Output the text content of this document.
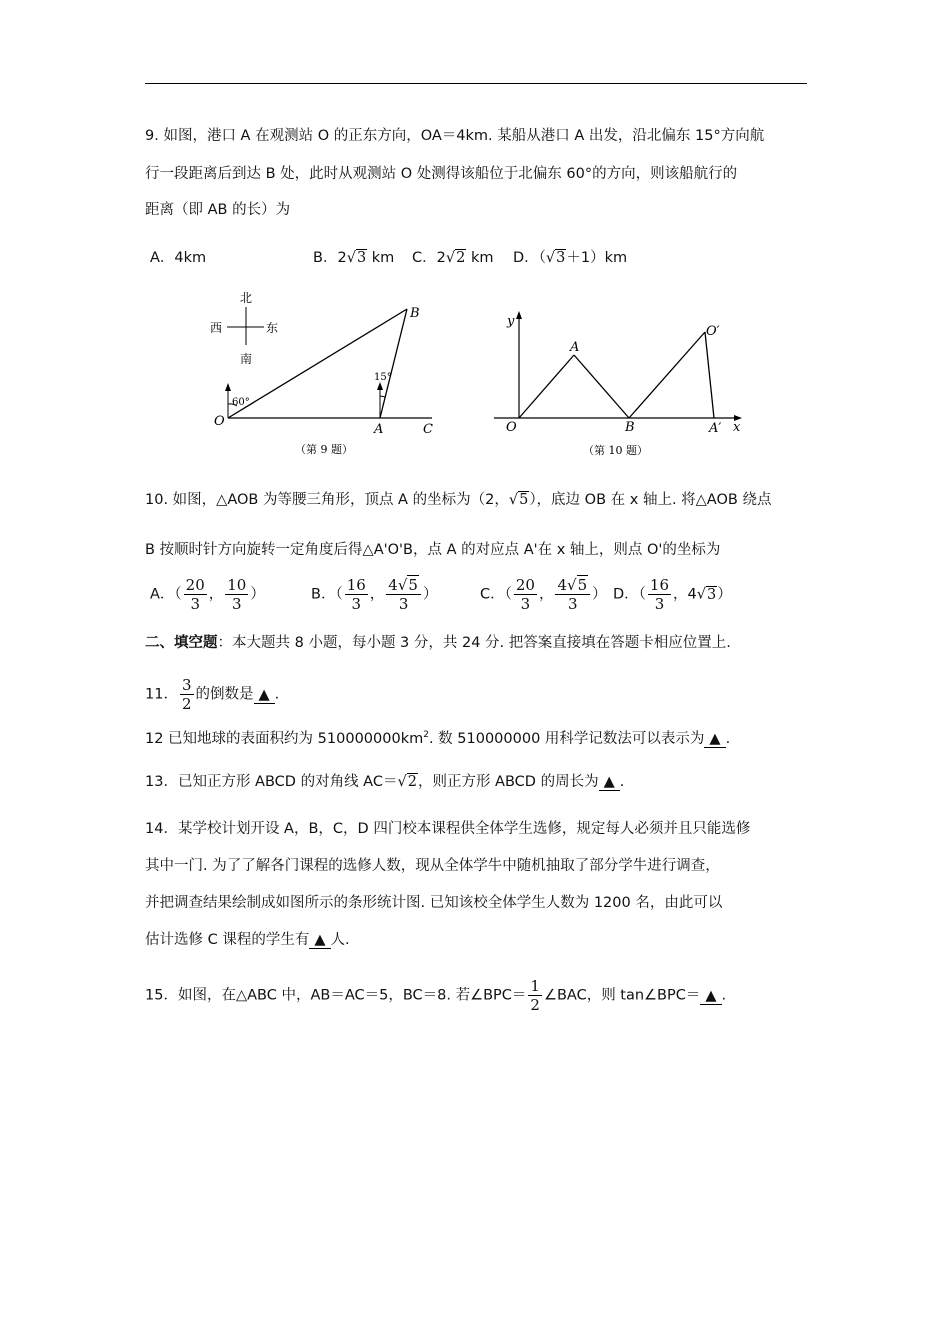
9. 如图，港口 A 在观测站 O 的正东方向，OA＝4km. 某船从港口 A 出发，沿北偏东 15°方向航
行一段距离后到达 B 处，此时从观测站 O 处测得该船位于北偏东 60°的方向，则该船航行的
距离（即 AB 的长）为
A．4km	B．2√3 km C．2√2 km D．（√3＋1）km
北
西	东
南
60°
15°
O
A
B
C
（第 9 题）
y
x
O
A
B
O′
A′
（第 10 题）
10. 如图，△AOB 为等腰三角形，顶点 A 的坐标为（2，√5），底边 OB 在 x 轴上. 将△AOB 绕点
B 按顺时针方向旋转一定角度后得△A'O'B，点 A 的对应点 A'在 x 轴上，则点 O'的坐标为
A．（ $\frac{20}{3}$ ， $\frac{10}{3}$ ）	B．（ $\frac{16}{3}$ ， $\frac{4√5}{3}$ ）	C．（ $\frac{20}{3}$ ， $\frac{4√5}{3}$ ） D．（ $\frac{16}{3}$ ，4√3）
二、填空题：本大题共 8 小题，每小题 3 分，共 24 分. 把答案直接填在答题卡相应位置上.
11． $\frac{3}{2}$ 的倒数是 ▲ .
12 已知地球的表面积约为 $510000000km^2$. 数 510000000 用科学记数法可以表示为 ▲ .
13．已知正方形 ABCD 的对角线 AC＝√2，则正方形 ABCD 的周长为 ▲ .
14．某学校计划开设 A，B，C，D 四门校本课程供全体学生选修，规定每人必须并且只能选修
其中一门. 为了了解各门课程的选修人数，现从全体学牛中随机抽取了部分学牛进行调查，
并把调查结果绘制成如图所示的条形统计图. 已知该校全体学生人数为 1200 名，由此可以
估计选修 C 课程的学生有 ▲ 人.
15．如图，在△ABC 中，AB＝AC＝5，BC＝8. 若∠BPC＝ $\frac{1}{2}$ ∠BAC，则 tan∠BPC＝ ▲ .
